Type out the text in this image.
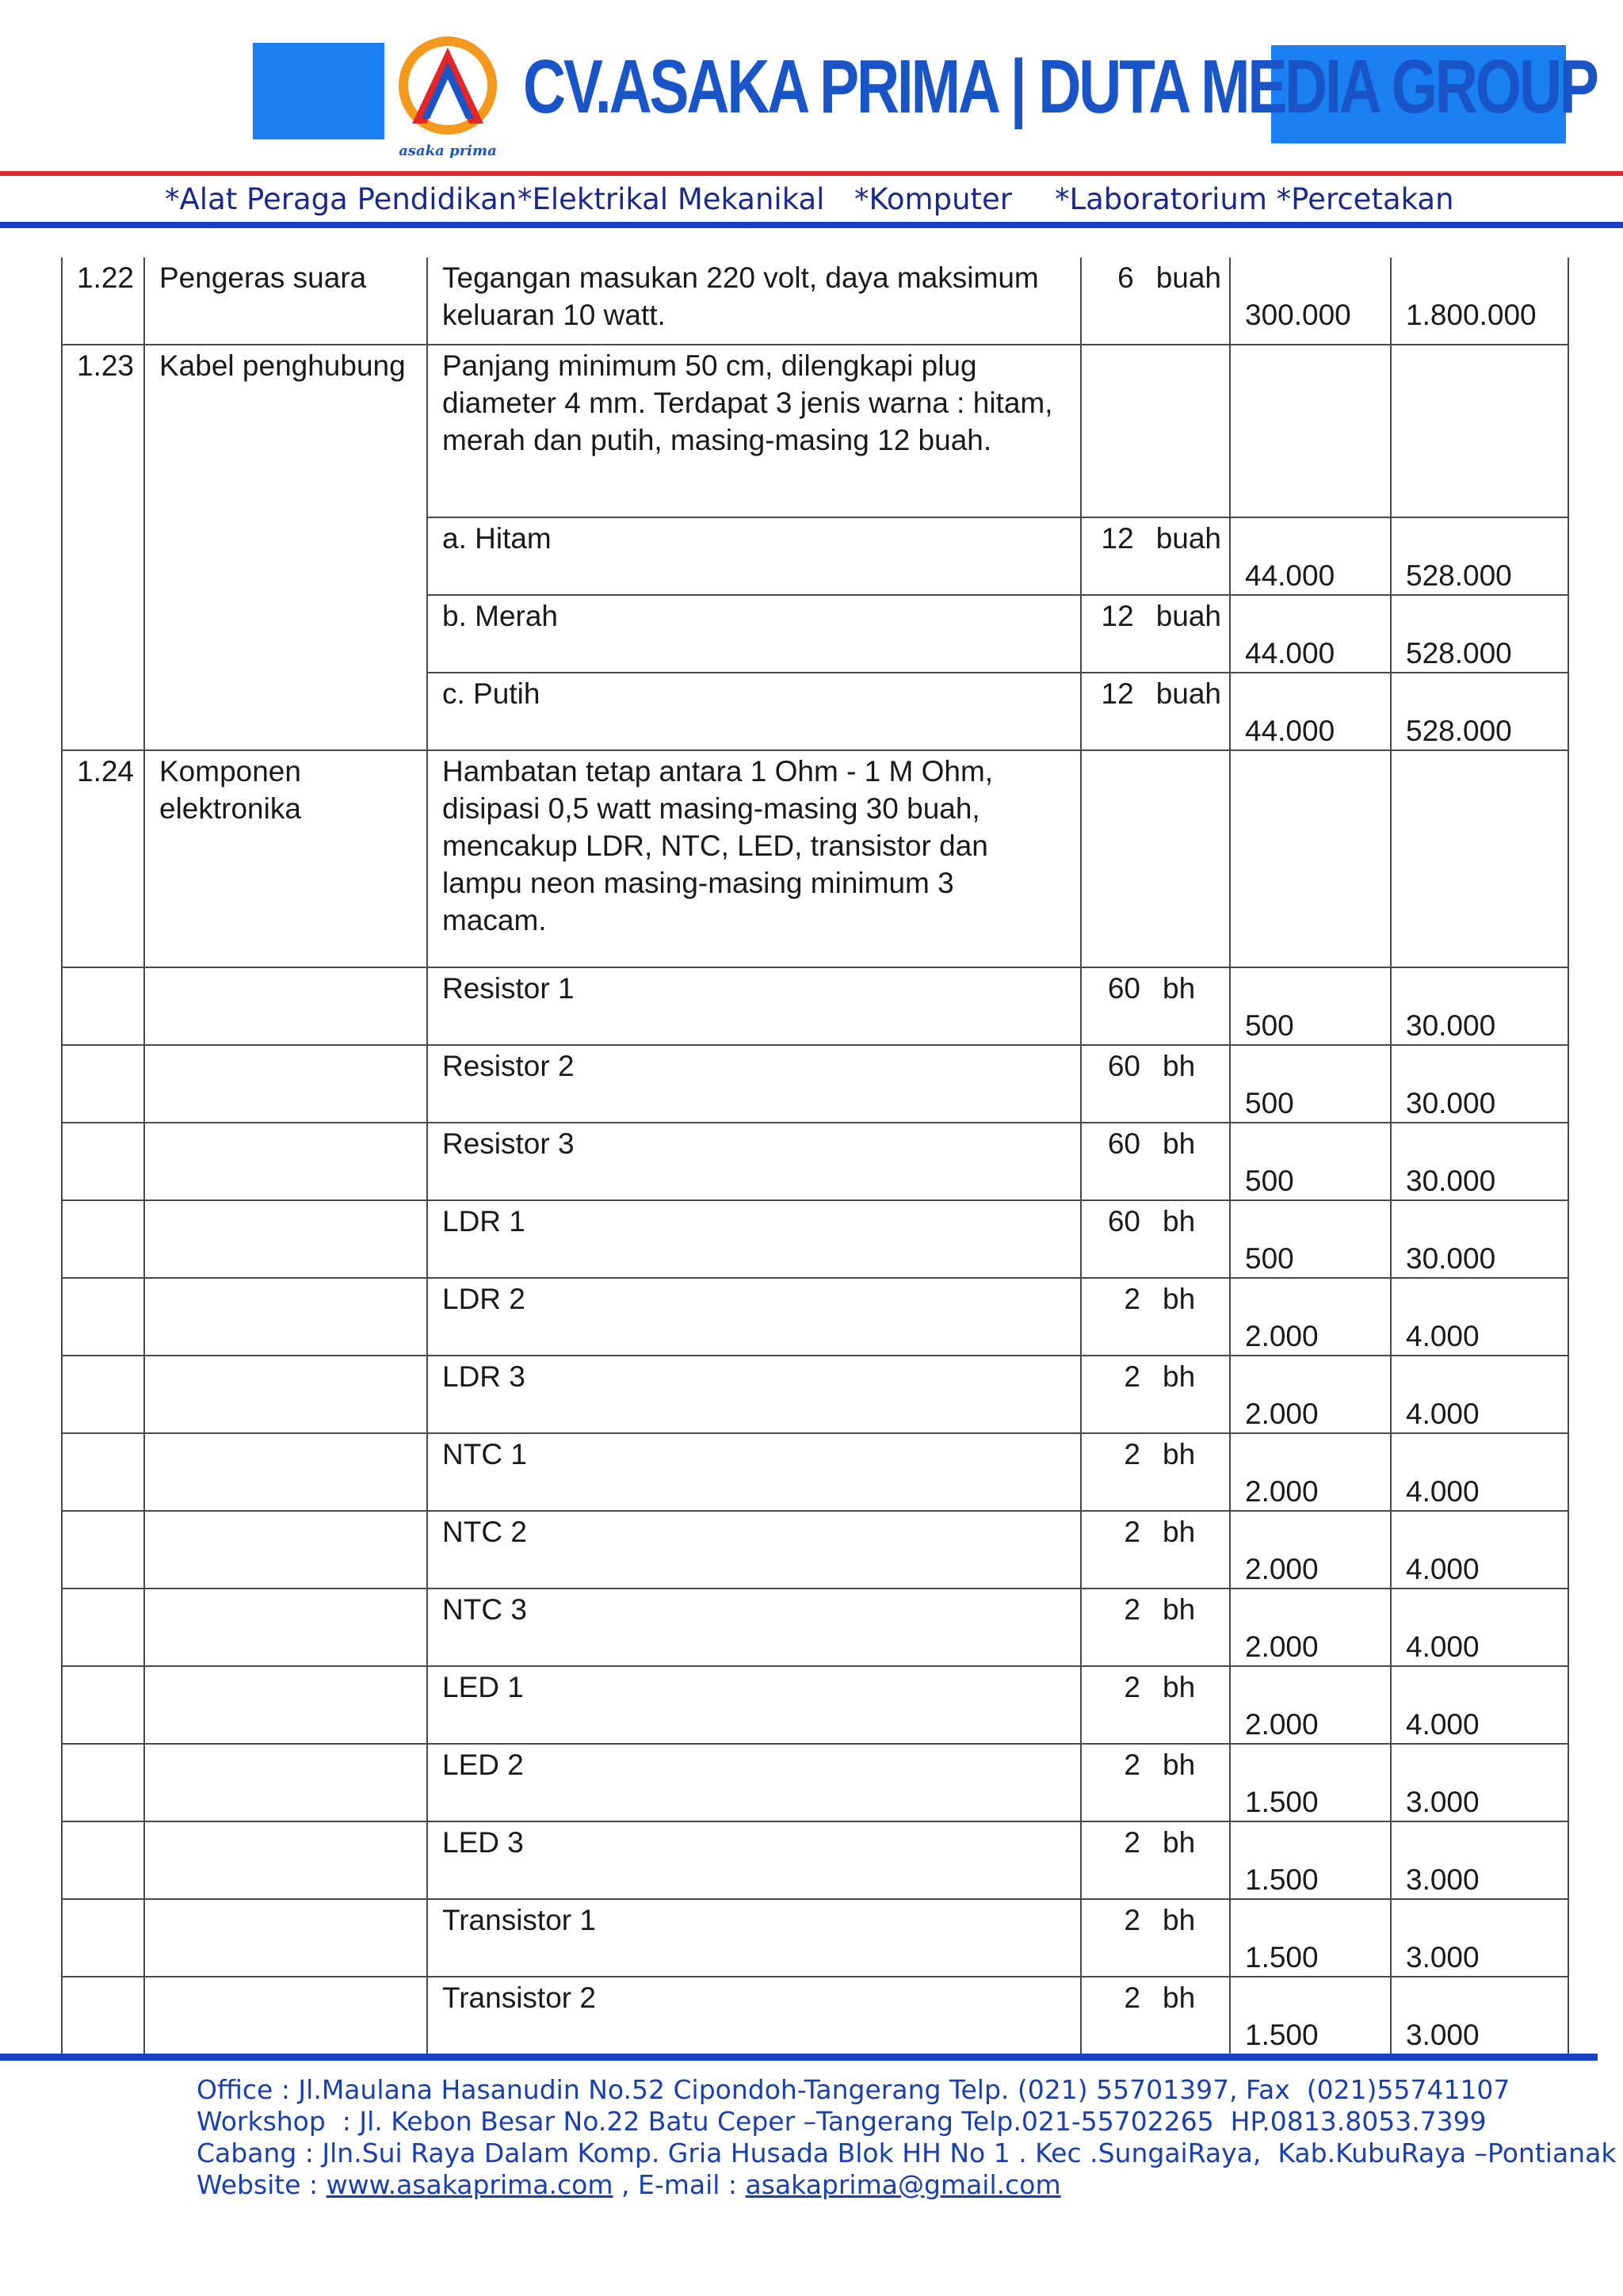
asaka prima
CV.ASAKA PRIMA | DUTA MEDIA GROUP
*Alat Peraga Pendidikan *Elektrikal Mekanikal *Komputer *Laboratorium *Percetakan
1.22	Pengeras suara	Tegangan masukan 220 volt, daya maksimum keluaran 10 watt.	6 buah	300.000	1.800.000

1.23	Kabel penghubung	Panjang minimum 50 cm, dilengkapi plug diameter 4 mm. Terdapat 3 jenis warna : hitam, merah dan putih, masing-masing 12 buah.	

		a. Hitam	12 buah	44.000	528.000

		b. Merah	12 buah	44.000	528.000

		c. Putih	12 buah	44.000	528.000

1.24	Komponen elektronika	Hambatan tetap antara 1 Ohm - 1 M Ohm, disipasi 0,5 watt masing-masing 30 buah, mencakup LDR, NTC, LED, transistor dan lampu neon masing-masing minimum 3 macam.	

		Resistor 1	60 bh	500	30.000

		Resistor 2	60 bh	500	30.000

		Resistor 3	60 bh	500	30.000

		LDR 1	60 bh	500	30.000

		LDR 2	2 bh	2.000	4.000

		LDR 3	2 bh	2.000	4.000

		NTC 1	2 bh	2.000	4.000

		NTC 2	2 bh	2.000	4.000

		NTC 3	2 bh	2.000	4.000

		LED 1	2 bh	2.000	4.000

		LED 2	2 bh	1.500	3.000

		LED 3	2 bh	1.500	3.000

		Transistor 1	2 bh	1.500	3.000

		Transistor 2	2 bh	1.500	3.000
Office : Jl.Maulana Hasanudin No.52 Cipondoh-Tangerang Telp. (021) 55701397, Fax  (021)55741107
Workshop  : Jl. Kebon Besar No.22 Batu Ceper –Tangerang Telp.021-55702265  HP.0813.8053.7399
Cabang : Jln.Sui Raya Dalam Komp. Gria Husada Blok HH No 1 . Kec .SungaiRaya,  Kab.KubuRaya –Pontianak
Website : www.asakaprima.com , E-mail : asakaprima@gmail.com
